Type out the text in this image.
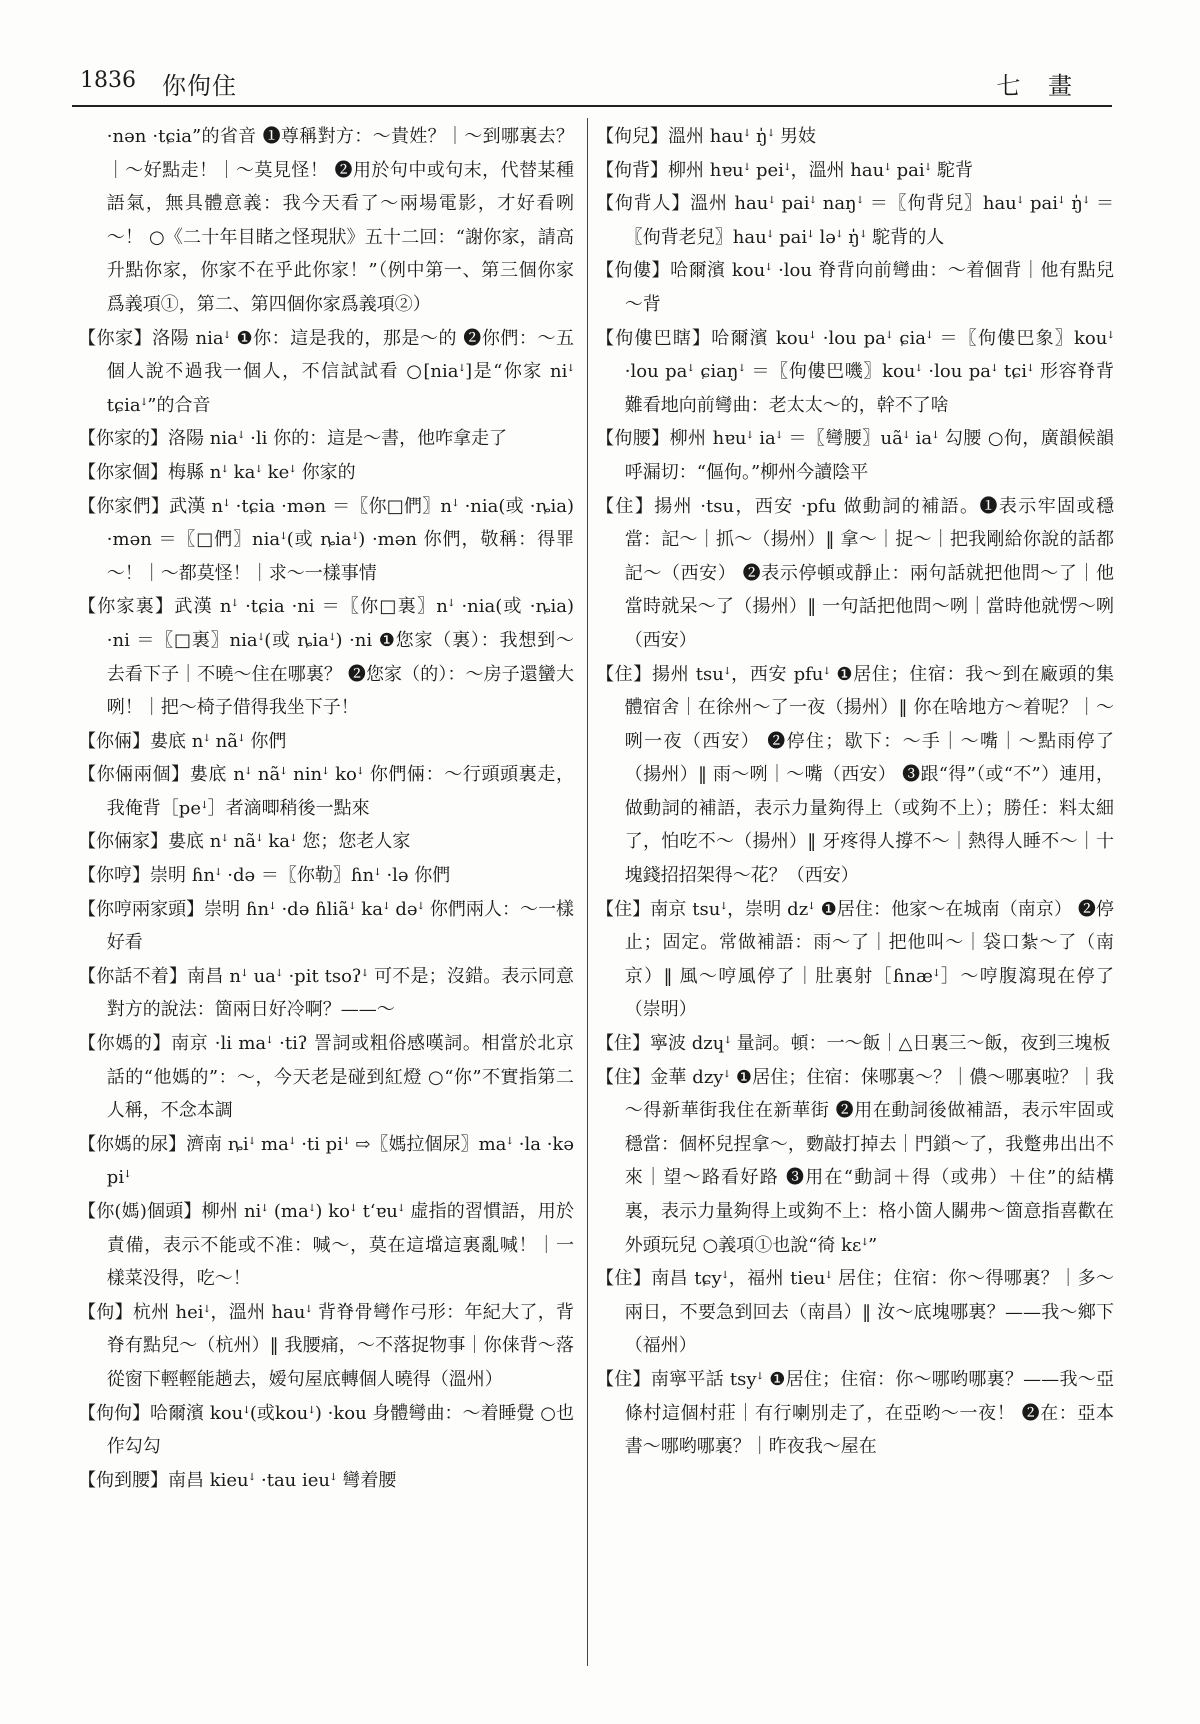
1836 你佝住	七 畫

·nən ·tɕia”的省音 ❶尊稱對方：～貴姓？｜～到哪裏去？｜～好點走！｜～莫見怪！ ❷用於句中或句末，代替某種語氣，無具體意義：我今天看了～兩場電影，才好看咧～！ ○《二十年目睹之怪現狀》五十二回：“謝你家，請高升點你家，你家不在乎此你家！”（例中第一、第三個你家爲義項①，第二、第四個你家爲義項②）

【你家】洛陽 niaꜜ ❶你：這是我的，那是～的 ❷你們：～五個人說不過我一個人，不信試試看 ○[niaꜜ]是“你家 niꜜ tɕiaꜜ”的合音

【你家的】洛陽 niaꜜ ·li 你的：這是～書，他咋拿走了

【你家個】梅縣 nꜜ kaꜜ keꜜ 你家的

【你家們】武漢 nꜜ ·tɕia ·mən ＝〖你□們〗nꜜ ·nia(或 ·ȵia) ·mən ＝〖□們〗niaꜜ(或 ȵiaꜜ) ·mən 你們，敬稱：得罪～！｜～都莫怪！｜求～一樣事情

【你家裏】武漢 nꜜ ·tɕia ·ni ＝〖你□裏〗nꜜ ·nia(或 ·ȵia) ·ni ＝〖□裏〗niaꜜ(或 ȵiaꜜ) ·ni ❶您家（裏）：我想到～去看下子｜不曉～住在哪裏？ ❷您家（的）：～房子還蠻大咧！｜把～椅子借得我坐下子！

【你倆】婁底 nꜜ nãꜜ 你們

【你倆兩個】婁底 nꜜ nãꜜ ninꜜ koꜜ 你們倆：～行頭頭裏走，我俺背［peꜜ］者滴唧稍後一點來

【你倆家】婁底 nꜜ nãꜜ kaꜜ 您；您老人家

【你哼】崇明 ɦnꜜ ·də ＝〖你勒〗ɦnꜜ ·lə 你們

【你哼兩家頭】崇明 ɦnꜜ ·də ɦliãꜜ kaꜜ dəꜜ 你們兩人：～一樣好看

【你話不着】南昌 nꜜ uaꜜ ·pit tsoʔꜜ 可不是；沒錯。表示同意對方的說法：箇兩日好冷啊？——～

【你媽的】南京 ·li maꜜ ·tiʔ 詈詞或粗俗感嘆詞。相當於北京話的“他媽的”：～，今天老是碰到紅燈 ○“你”不實指第二人稱，不念本調

【你媽的尿】濟南 ȵiꜜ maꜜ ·ti piꜜ ⇨〖媽拉個尿〗maꜜ ·la ·kə piꜜ

【你(媽)個頭】柳州 niꜜ (maꜜ) koꜜ tʻɐuꜜ 虛指的習慣語，用於責備，表示不能或不准：喊～，莫在這壋這裏亂喊！｜一樣菜没得，吃～！

【佝】杭州 heiꜜ，溫州 hauꜜ 背脊骨彎作弓形：年紀大了，背脊有點兒～（杭州）‖ 我腰痛，～不落捉物事｜你俫背～落從窗下輕輕能趟去，嫒句屋底轉個人曉得（溫州）

【佝佝】哈爾濱 kouꜜ(或kouꜜ) ·kou 身體彎曲：～着睡覺 ○也作勾勾

【佝到腰】南昌 kieuꜜ ·tau ieuꜜ 彎着腰

【佝兒】溫州 hauꜜ ŋ̍ꜜ 男妓

【佝背】柳州 hɐuꜜ peiꜜ，溫州 hauꜜ paiꜜ 駝背

【佝背人】溫州 hauꜜ paiꜜ naŋꜜ ＝〖佝背兒〗hauꜜ paiꜜ ŋ̍ꜜ ＝〖佝背老兒〗hauꜜ paiꜜ ləꜜ ŋ̍ꜜ 駝背的人

【佝僂】哈爾濱 kouꜜ ·lou 脊背向前彎曲：～着個背｜他有點兒～背

【佝僂巴瞎】哈爾濱 kouꜜ ·lou paꜜ ɕiaꜜ ＝〖佝僂巴象〗kouꜜ ·lou paꜜ ɕiaŋꜜ ＝〖佝僂巴嘰〗kouꜜ ·lou paꜜ tɕiꜜ 形容脊背難看地向前彎曲：老太太～的，幹不了啥

【佝腰】柳州 hɐuꜜ iaꜜ ＝〖彎腰〗uãꜜ iaꜜ 勾腰 ○佝，廣韻候韻呼漏切：“傴佝。”柳州今讀陰平

【住】揚州 ·tsu，西安 ·pfu 做動詞的補語。❶表示牢固或穩當：記～｜抓～（揚州）‖ 拿～｜捉～｜把我剛給你說的話都記～（西安） ❷表示停頓或靜止：兩句話就把他問～了｜他當時就呆～了（揚州）‖ 一句話把他問～咧｜當時他就愣～咧（西安）

【住】揚州 tsuꜜ，西安 pfuꜜ ❶居住；住宿：我～到在廠頭的集體宿舍｜在徐州～了一夜（揚州）‖ 你在啥地方～着呢？｜～咧一夜（西安） ❷停住；歇下：～手｜～嘴｜～點雨停了（揚州）‖ 雨～咧｜～嘴（西安） ❸跟“得”（或“不”）連用，做動詞的補語，表示力量夠得上（或夠不上）；勝任：料太細了，怕吃不～（揚州）‖ 牙疼得人撐不～｜熱得人睡不～｜十塊錢招招架得～花？（西安）

【住】南京 tsuꜜ，崇明 dzꜜ ❶居住：他家～在城南（南京） ❷停止；固定。常做補語：雨～了｜把他叫～｜袋口紮～了（南京）‖ 風～哼風停了｜肚裏射［ɦnæꜜ］～哼腹瀉現在停了（崇明）

【住】寧波 dzɥꜜ 量詞。頓：一～飯｜△日裏三～飯，夜到三塊板

【住】金華 dzyꜜ ❶居住；住宿：俫哪裏～？｜儂～哪裏啦？｜我～得新華街我住在新華街 ❷用在動詞後做補語，表示牢固或穩當：個杯兒捏拿～，覅敲打掉去｜門鎖～了，我蹩弗出出不來｜望～路看好路 ❸用在“動詞＋得（或弗）＋住”的結構裏，表示力量夠得上或夠不上：格小箇人關弗～箇意指喜歡在外頭玩兒 ○義項①也說“徛 kɛꜜ”

【住】南昌 tɕyꜜ，福州 tieuꜜ 居住；住宿：你～得哪裏？｜多～兩日，不要急到回去（南昌）‖ 汝～底塊哪裏？——我～鄉下（福州）

【住】南寧平話 tsyꜜ ❶居住；住宿：你～哪哟哪裏？——我～亞條村這個村莊｜有行喇別走了，在亞哟～一夜！ ❷在：亞本書～哪哟哪裏？｜昨夜我～屋在
